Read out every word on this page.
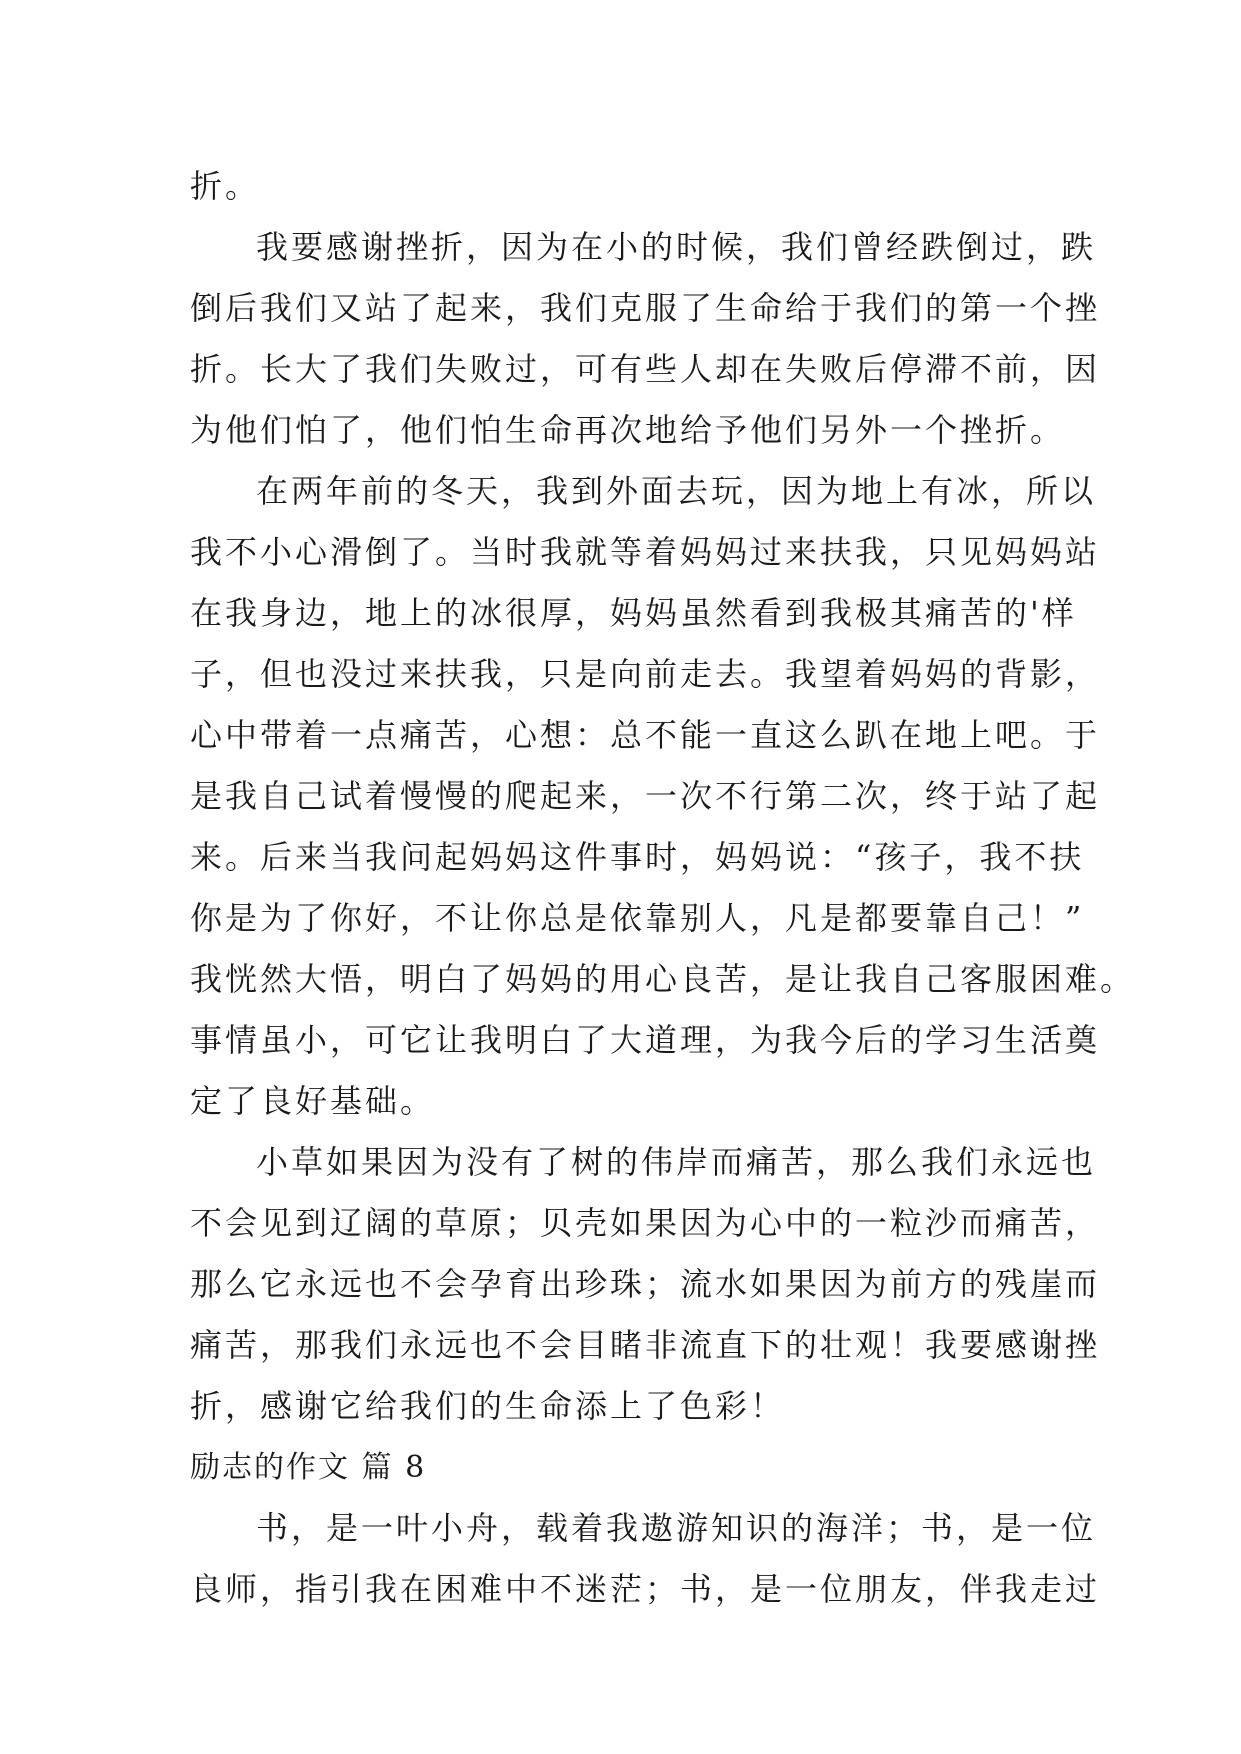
折。
我要感谢挫折，因为在小的时候，我们曾经跌倒过，跌
倒后我们又站了起来，我们克服了生命给于我们的第一个挫
折。长大了我们失败过，可有些人却在失败后停滞不前，因
为他们怕了，他们怕生命再次地给予他们另外一个挫折。
在两年前的冬天，我到外面去玩，因为地上有冰，所以
我不小心滑倒了。当时我就等着妈妈过来扶我，只见妈妈站
在我身边，地上的冰很厚，妈妈虽然看到我极其痛苦的'样
子，但也没过来扶我，只是向前走去。我望着妈妈的背影，
心中带着一点痛苦，心想：总不能一直这么趴在地上吧。于
是我自己试着慢慢的爬起来，一次不行第二次，终于站了起
来。后来当我问起妈妈这件事时，妈妈说：“孩子，我不扶
你是为了你好，不让你总是依靠别人，凡是都要靠自己！”
我恍然大悟，明白了妈妈的用心良苦，是让我自己客服困难。
事情虽小，可它让我明白了大道理，为我今后的学习生活奠
定了良好基础。
小草如果因为没有了树的伟岸而痛苦，那么我们永远也
不会见到辽阔的草原；贝壳如果因为心中的一粒沙而痛苦，
那么它永远也不会孕育出珍珠；流水如果因为前方的残崖而
痛苦，那我们永远也不会目睹非流直下的壮观！我要感谢挫
折，感谢它给我们的生命添上了色彩！
励志的作文 篇 8
书，是一叶小舟，载着我遨游知识的海洋；书，是一位
良师，指引我在困难中不迷茫；书，是一位朋友，伴我走过
